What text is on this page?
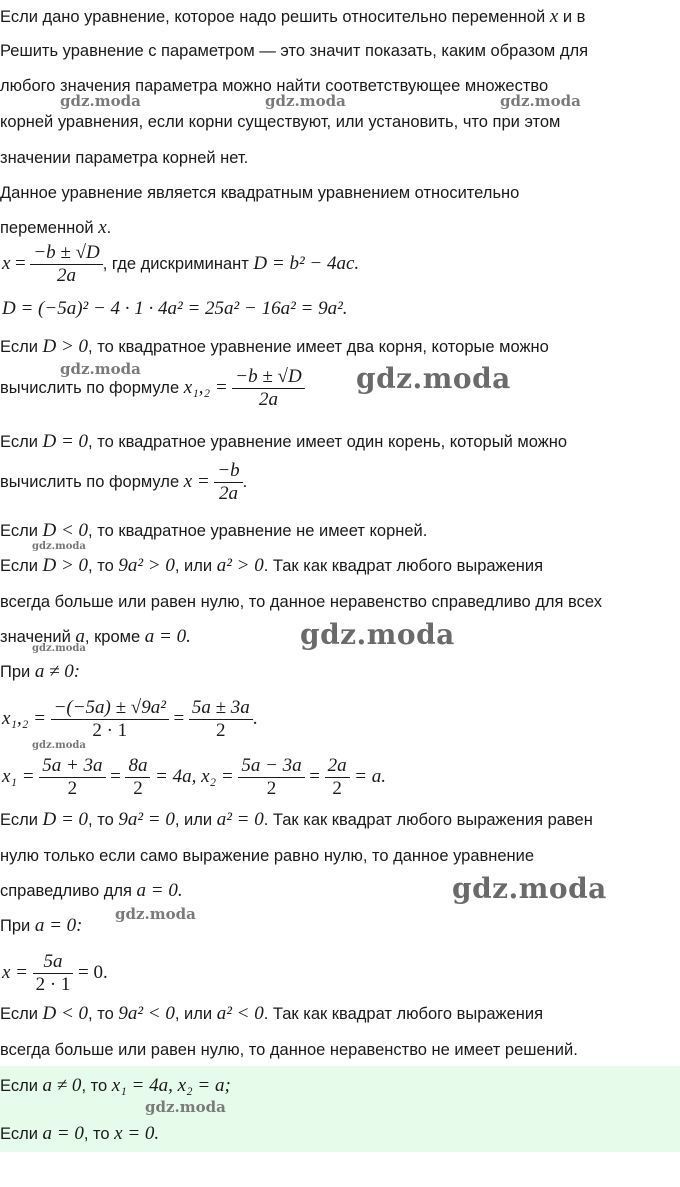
Если дано уравнение, которое надо решить относительно переменной x и в
Решить уравнение с параметром — это значит показать, каким образом для
любого значения параметра можно найти соответствующее множество
корней уравнения, если корни существуют, или установить, что при этом
значении параметра корней нет.
Данное уравнение является квадратным уравнением относительно
переменной x.
$x = \frac{-b \pm √D}{2a}$ , где дискриминант D = b² − 4ac.
D = (−5a)² − 4 · 1 · 4a² = 25a² − 16a² = 9a².
Если D > 0, то квадратное уравнение имеет два корня, которые можно
вычислить по формуле $x_1,_2 = \frac{-b \pm √D}{2a}$
Если D = 0, то квадратное уравнение имеет один корень, который можно
вычислить по формуле $x = \frac{-b}{2a}$ .
Если D < 0, то квадратное уравнение не имеет корней.
Если D > 0, то 9a² > 0, или a² > 0. Так как квадрат любого выражения
всегда больше или равен нулю, то данное неравенство справедливо для всех
значений a, кроме a = 0.
При a ≠ 0:
$x_1,_2 = \frac{\text{−(−5a) ± √9a²}}{2 \cdot 1} = \frac{5a \pm 3a}{2}$ .
$x_1 = \frac{5a + 3a}{2} = \frac{8a}{2} = 4a$, $x_2 = \frac{5a - 3a}{2} = \frac{2a}{2} = a$.
Если D = 0, то 9a² = 0, или a² = 0. Так как квадрат любого выражения равен
нулю только если само выражение равно нулю, то данное уравнение
справедливо для a = 0.
При a = 0:
$x = \frac{5a}{2 \cdot 1} = 0$.
Если D < 0, то 9a² < 0, или a² < 0. Так как квадрат любого выражения
всегда больше или равен нулю, то данное неравенство не имеет решений.
Если a ≠ 0, то x₁ = 4a, x₂ = a;
Если a = 0, то x = 0.
gdz.moda	gdz.moda	gdz.moda
gdz.moda	gdz.moda
gdz.moda
gdz.moda
gdz.moda
gdz.moda
gdz.moda
gdz.moda
gdz.moda
